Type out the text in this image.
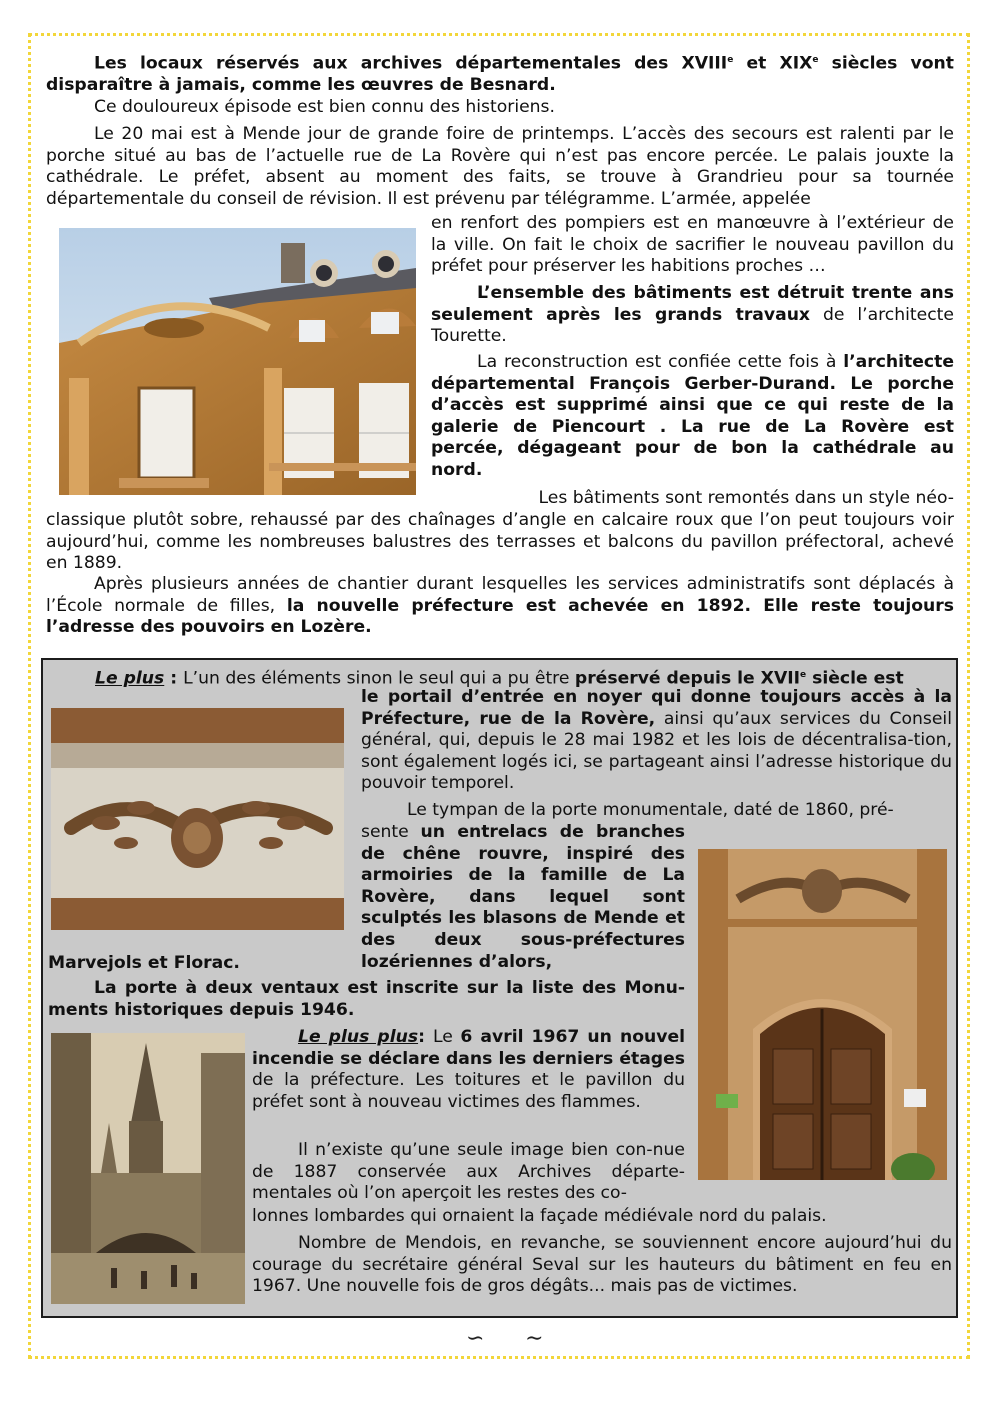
Les locaux réservés aux archives départementales des XVIIIe et XIXe siècles vont disparaître à jamais, comme les œuvres de Besnard.

Ce douloureux épisode est bien connu des historiens.

Le 20 mai est à Mende jour de grande foire de printemps. L’accès des secours est ralenti par le porche situé au bas de l’actuelle rue de La Rovère qui n’est pas encore percée. Le palais jouxte la cathédrale. Le préfet, absent au moment des faits, se trouve à Grandrieu pour sa tournée départementale du conseil de révision. Il est prévenu par télégramme. L’armée, appelée

en renfort des pompiers est en manœuvre à l’extérieur de la ville. On fait le choix de sacrifier le nouveau pavillon du préfet pour préserver les habitions proches …

L’ensemble des bâtiments est détruit trente ans seulement après les grands travaux de l’architecte Tourette.

La reconstruction est confiée cette fois à l’architecte départemental François Gerber-Durand. Le porche d’accès est supprimé ainsi que ce qui reste de la galerie de Piencourt . La rue de La Rovère est percée, dégageant pour de bon la cathédrale au nord.

Les bâtiments sont remontés dans un style néo-

classique plutôt sobre, rehaussé par des chaînages d’angle en calcaire roux que l’on peut toujours voir aujourd’hui, comme les nombreuses balustres des terrasses et balcons du pavillon préfectoral, achevé en 1889.

Après plusieurs années de chantier durant lesquelles les services administratifs sont déplacés à l’École normale de filles, la nouvelle préfecture est achevée en 1892. Elle reste toujours l’adresse des pouvoirs en Lozère.

Le plus : L’un des éléments sinon le seul qui a pu être préservé depuis le XVIIe siècle est

le portail d’entrée en noyer qui donne toujours accès à la Préfecture, rue de la Rovère, ainsi qu’aux services du Conseil général, qui, depuis le 28 mai 1982 et les lois de décentralisa-tion, sont également logés ici, se partageant ainsi l’adresse historique du pouvoir temporel.

Le tympan de la porte monumentale, daté de 1860, pré-

sente un entrelacs de branches de chêne rouvre, inspiré des armoiries de la famille de La Rovère, dans lequel sont sculptés les blasons de Mende et des deux sous-préfectures lozériennes d’alors,

Marvejols et Florac.

La porte à deux ventaux est inscrite sur la liste des Monu-ments historiques depuis 1946.

Le plus plus: Le 6 avril 1967 un nouvel incendie se déclare dans les derniers étages de la préfecture. Les toitures et le pavillon du préfet sont à nouveau victimes des flammes.

Il n’existe qu’une seule image bien con-nue de 1887 conservée aux Archives départe-mentales où l’on aperçoit les restes des co-

lonnes lombardes qui ornaient la façade médiévale nord du palais.

Nombre de Mendois, en revanche, se souviennent encore aujourd’hui du courage du secrétaire général Seval sur les hauteurs du bâtiment en feu en 1967. Une nouvelle fois de gros dégâts... mais pas de victimes.

∽ ∽
